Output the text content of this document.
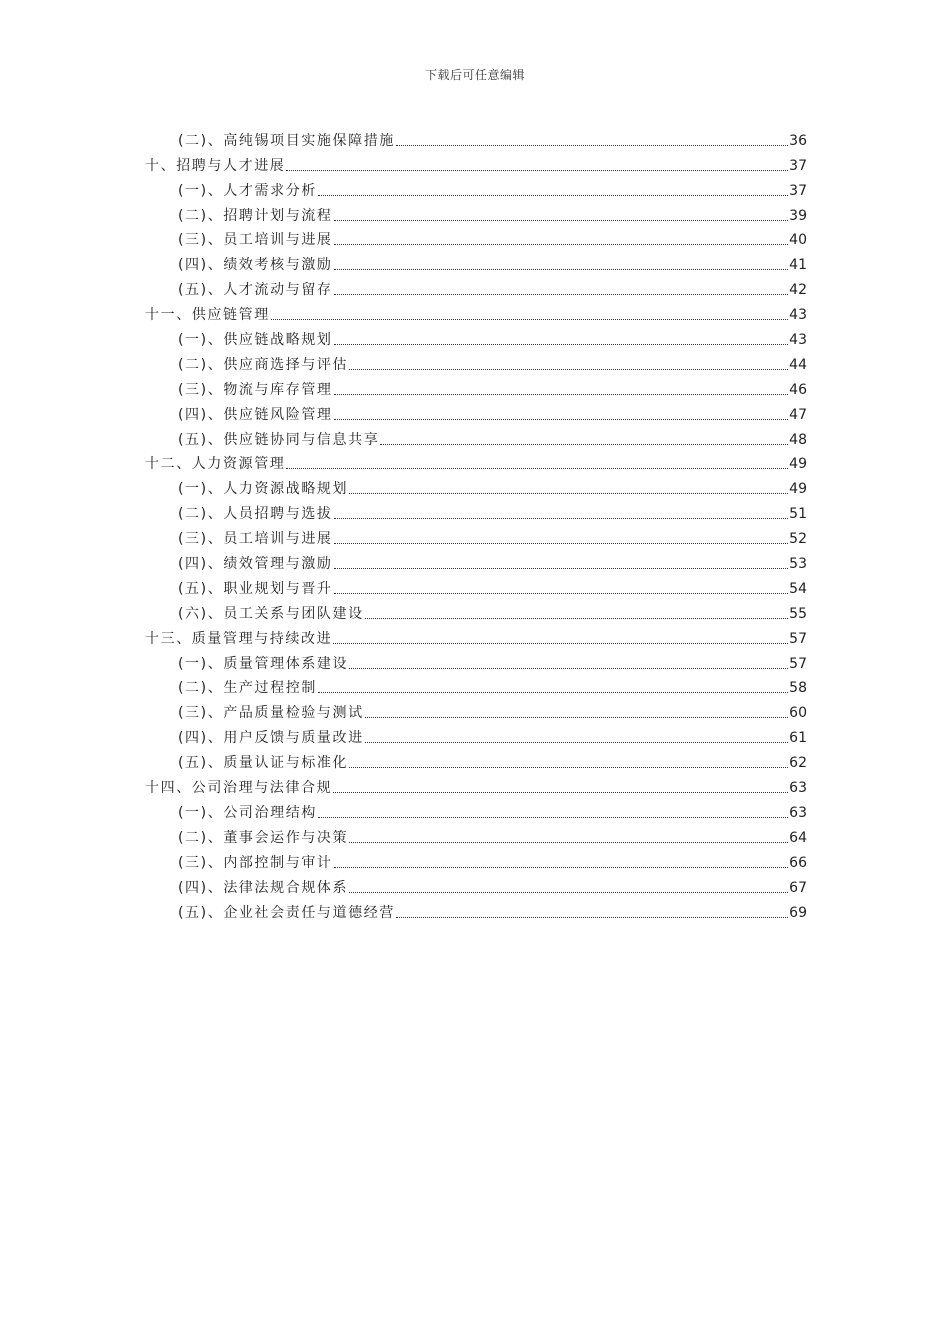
下载后可任意编辑
(二)、高纯锡项目实施保障措施	36
十、招聘与人才进展	37
(一)、人才需求分析	37
(二)、招聘计划与流程	39
(三)、员工培训与进展	40
(四)、绩效考核与激励	41
(五)、人才流动与留存	42
十一、供应链管理	43
(一)、供应链战略规划	43
(二)、供应商选择与评估	44
(三)、物流与库存管理	46
(四)、供应链风险管理	47
(五)、供应链协同与信息共享	48
十二、人力资源管理	49
(一)、人力资源战略规划	49
(二)、人员招聘与选拔	51
(三)、员工培训与进展	52
(四)、绩效管理与激励	53
(五)、职业规划与晋升	54
(六)、员工关系与团队建设	55
十三、质量管理与持续改进	57
(一)、质量管理体系建设	57
(二)、生产过程控制	58
(三)、产品质量检验与测试	60
(四)、用户反馈与质量改进	61
(五)、质量认证与标准化	62
十四、公司治理与法律合规	63
(一)、公司治理结构	63
(二)、董事会运作与决策	64
(三)、内部控制与审计	66
(四)、法律法规合规体系	67
(五)、企业社会责任与道德经营	69
